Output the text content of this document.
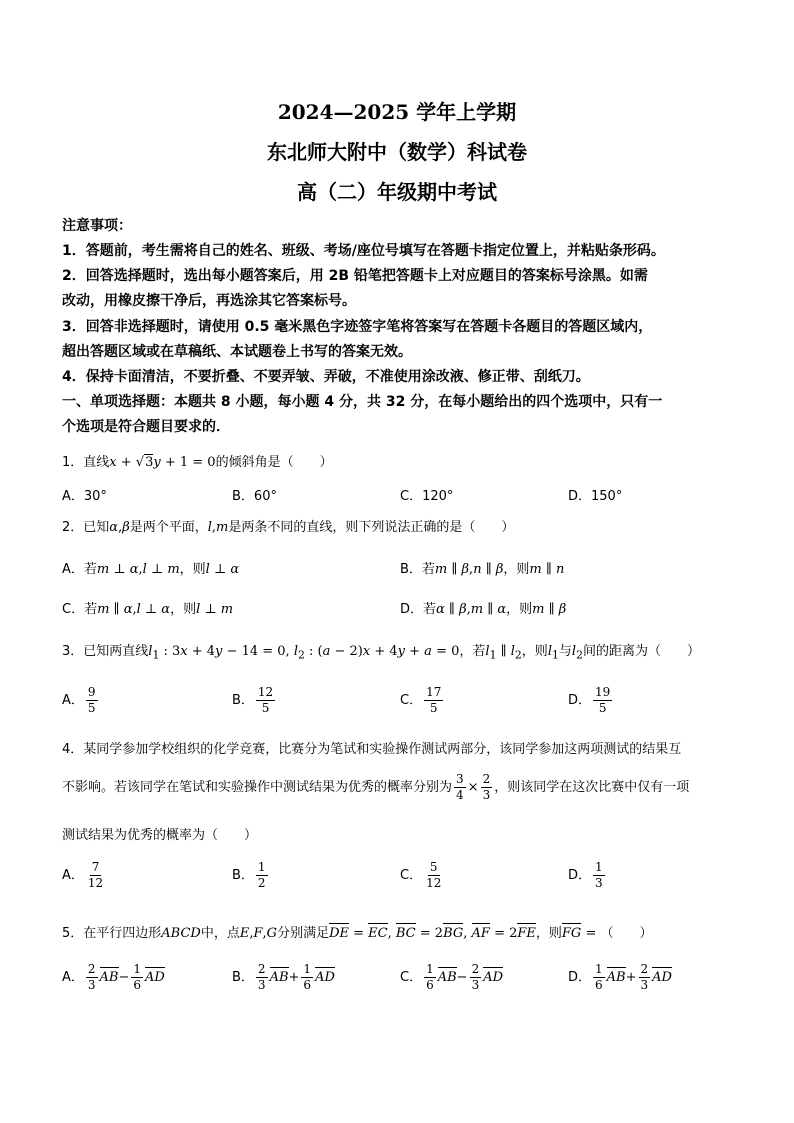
2024—2025 学年上学期
东北师大附中（数学）科试卷
高（二）年级期中考试
注意事项：
1．答题前，考生需将自己的姓名、班级、考场/座位号填写在答题卡指定位置上，并粘贴条形码。
2．回答选择题时，选出每小题答案后，用 2B 铅笔把答题卡上对应题目的答案标号涂黑。如需
改动，用橡皮擦干净后，再选涂其它答案标号。
3．回答非选择题时，请使用 0.5 毫米黑色字迹签字笔将答案写在答题卡各题目的答题区域内，
超出答题区域或在草稿纸、本试题卷上书写的答案无效。
4．保持卡面清洁，不要折叠、不要弄皱、弄破，不准使用涂改液、修正带、刮纸刀。
一、单项选择题：本题共 8 小题，每小题 4 分，共 32 分，在每小题给出的四个选项中，只有一
个选项是符合题目要求的．
1．直线x + √3y + 1 = 0的倾斜角是（　　）
A．30°	B．60°	C．120°	D．150°
2．已知α,β是两个平面，l,m是两条不同的直线，则下列说法正确的是（　　）
A．若m ⊥ α,l ⊥ m，则l ⊥ α	B．若m ∥ β,n ∥ β，则m ∥ n
C．若m ∥ α,l ⊥ α，则l ⊥ m	D．若α ∥ β,m ∥ α，则m ∥ β
3．已知两直线$l_1$ : 3x + 4y − 14 = 0, $l_2$ : (a − 2)x + 4y + a = 0，若$l_1$ ∥ $l_2$，则$l_1$与$l_2$间的距离为（　　）
A． $\frac{9}{5}$	B． $\frac{12}{5}$	C． $\frac{17}{5}$	D． $\frac{19}{5}$
4．某同学参加学校组织的化学竞赛，比赛分为笔试和实验操作测试两部分，该同学参加这两项测试的结果互
不影响。若该同学在笔试和实验操作中测试结果为优秀的概率分别为 $\frac{3}{4} \times \frac{2}{3}$ ，则该同学在这次比赛中仅有一项
测试结果为优秀的概率为（　　）
A． $\frac{7}{12}$	B． $\frac{1}{2}$	C． $\frac{5}{12}$	D． $\frac{1}{3}$
5．在平行四边形ABCD中，点E,F,G分别满足DE = EC, BC = 2BG, AF = 2FE，则FG = （　　）
A． $\frac{2}{3} AB- \frac{1}{6}$ AD	B． $\frac{2}{3} AB+ \frac{1}{6}$ AD	C． $\frac{1}{6} AB- \frac{2}{3}$ AD	D． $\frac{1}{6} AB+ \frac{2}{3}$ AD
